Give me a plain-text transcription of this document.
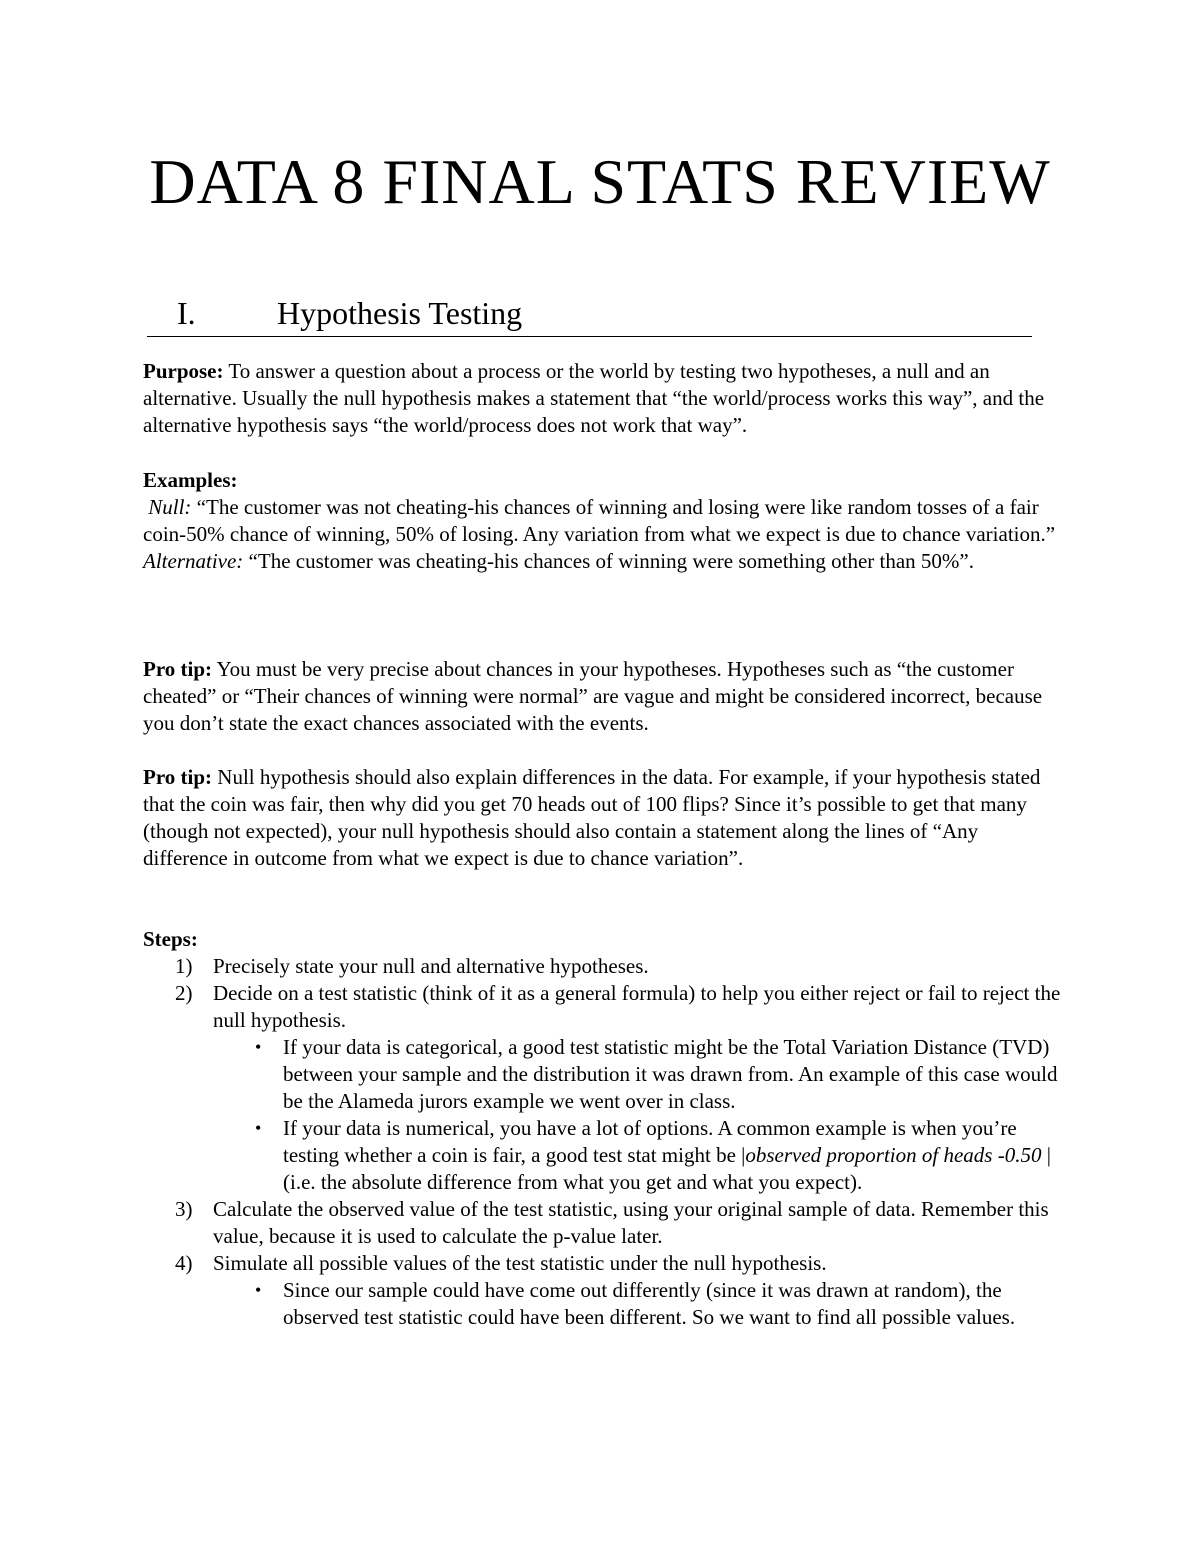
DATA 8 FINAL STATS REVIEW
I.	Hypothesis Testing

Purpose: To answer a question about a process or the world by testing two hypotheses, a null and an alternative. Usually the null hypothesis makes a statement that “the world/process works this way”, and the alternative hypothesis says “the world/process does not work that way”.

Examples:

Null: “The customer was not cheating-his chances of winning and losing were like random tosses of a fair coin-50% chance of winning, 50% of losing. Any variation from what we expect is due to chance variation.”

Alternative: “The customer was cheating-his chances of winning were something other than 50%”.

Pro tip: You must be very precise about chances in your hypotheses. Hypotheses such as “the customer cheated” or “Their chances of winning were normal” are vague and might be considered incorrect, because you don’t state the exact chances associated with the events.

Pro tip: Null hypothesis should also explain differences in the data. For example, if your hypothesis stated that the coin was fair, then why did you get 70 heads out of 100 flips? Since it’s possible to get that many (though not expected), your null hypothesis should also contain a statement along the lines of “Any difference in outcome from what we expect is due to chance variation”.

Steps:

1) Precisely state your null and alternative hypotheses.
2) Decide on a test statistic (think of it as a general formula) to help you either reject or fail to reject the null hypothesis.
• If your data is categorical, a good test statistic might be the Total Variation Distance (TVD) between your sample and the distribution it was drawn from. An example of this case would be the Alameda jurors example we went over in class.
• If your data is numerical, you have a lot of options. A common example is when you’re testing whether a coin is fair, a good test stat might be |observed proportion of heads -0.50 | (i.e. the absolute difference from what you get and what you expect).
3) Calculate the observed value of the test statistic, using your original sample of data. Remember this value, because it is used to calculate the p-value later.
4) Simulate all possible values of the test statistic under the null hypothesis.
• Since our sample could have come out differently (since it was drawn at random), the observed test statistic could have been different. So we want to find all possible values.
